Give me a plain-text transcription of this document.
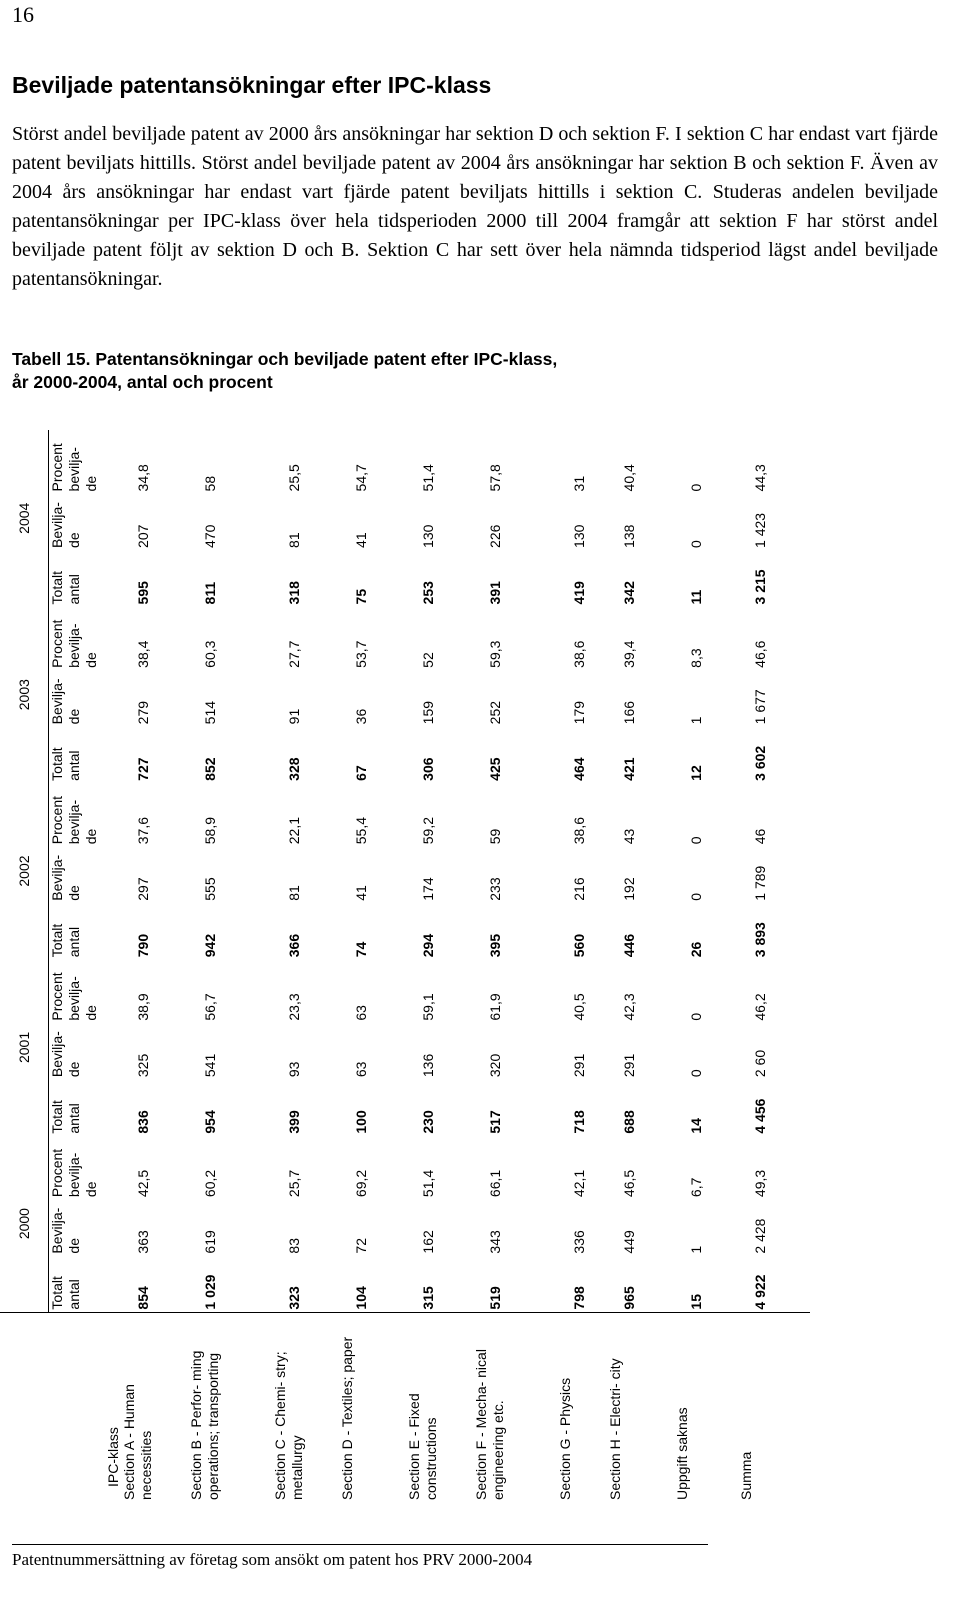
16
Beviljade patentansökningar efter IPC-klass

Störst andel beviljade patent av 2000 års ansökningar har sektion D och sektion F. I sektion C har endast vart fjärde patent beviljats hittills. Störst andel beviljade patent av 2004 års ansökningar har sektion B och sektion F. Även av 2004 års ansökningar har endast vart fjärde patent beviljats hittills i sektion C. Studeras andelen beviljade patentansökningar per IPC-klass över hela tidsperioden 2000 till 2004 framgår att sektion F har störst andel beviljade patent följt av sektion D och B. Sektion C har sett över hela nämnda tidsperiod lägst andel beviljade patentansökningar.

Tabell 15. Patentansökningar och beviljade patent efter IPC-klass,
år 2000-2004, antal och procent

IPC-klass	2000			2001			2002			2003			2004		
	Totalt antal	Bevilja- de	Procent bevilja- de	Totalt antal	Bevilja- de	Procent bevilja- de	Totalt antal	Bevilja- de	Procent bevilja- de	Totalt antal	Bevilja- de	Procent bevilja- de	Totalt antal	Bevilja- de	Procent bevilja- de
Section A - Human necessities	854	363	42,5	836	325	38,9	790	297	37,6	727	279	38,4	595	207	34,8
Section B - Perfor- ming operations; transporting	1 029	619	60,2	954	541	56,7	942	555	58,9	852	514	60,3	811	470	58
Section C - Chemi- stry; metallurgy	323	83	25,7	399	93	23,3	366	81	22,1	328	91	27,7	318	81	25,5
Section D - Textiles; paper	104	72	69,2	100	63	63	74	41	55,4	67	36	53,7	75	41	54,7
Section E - Fixed constructions	315	162	51,4	230	136	59,1	294	174	59,2	306	159	52	253	130	51,4
Section F - Mecha- nical engineering etc.	519	343	66,1	517	320	61,9	395	233	59	425	252	59,3	391	226	57,8
Section G - Physics	798	336	42,1	718	291	40,5	560	216	38,6	464	179	38,6	419	130	31
Section H - Electri- city	965	449	46,5	688	291	42,3	446	192	43	421	166	39,4	342	138	40,4
Uppgift saknas	15	1	6,7	14	0	0	26	0	0	12	1	8,3	11	0	0
Summa	4 922	2 428	49,3	4 456	2 60	46,2	3 893	1 789	46	3 602	1 677	46,6	3 215	1 423	44,3

Patentnummersättning av företag som ansökt om patent hos PRV 2000-2004
